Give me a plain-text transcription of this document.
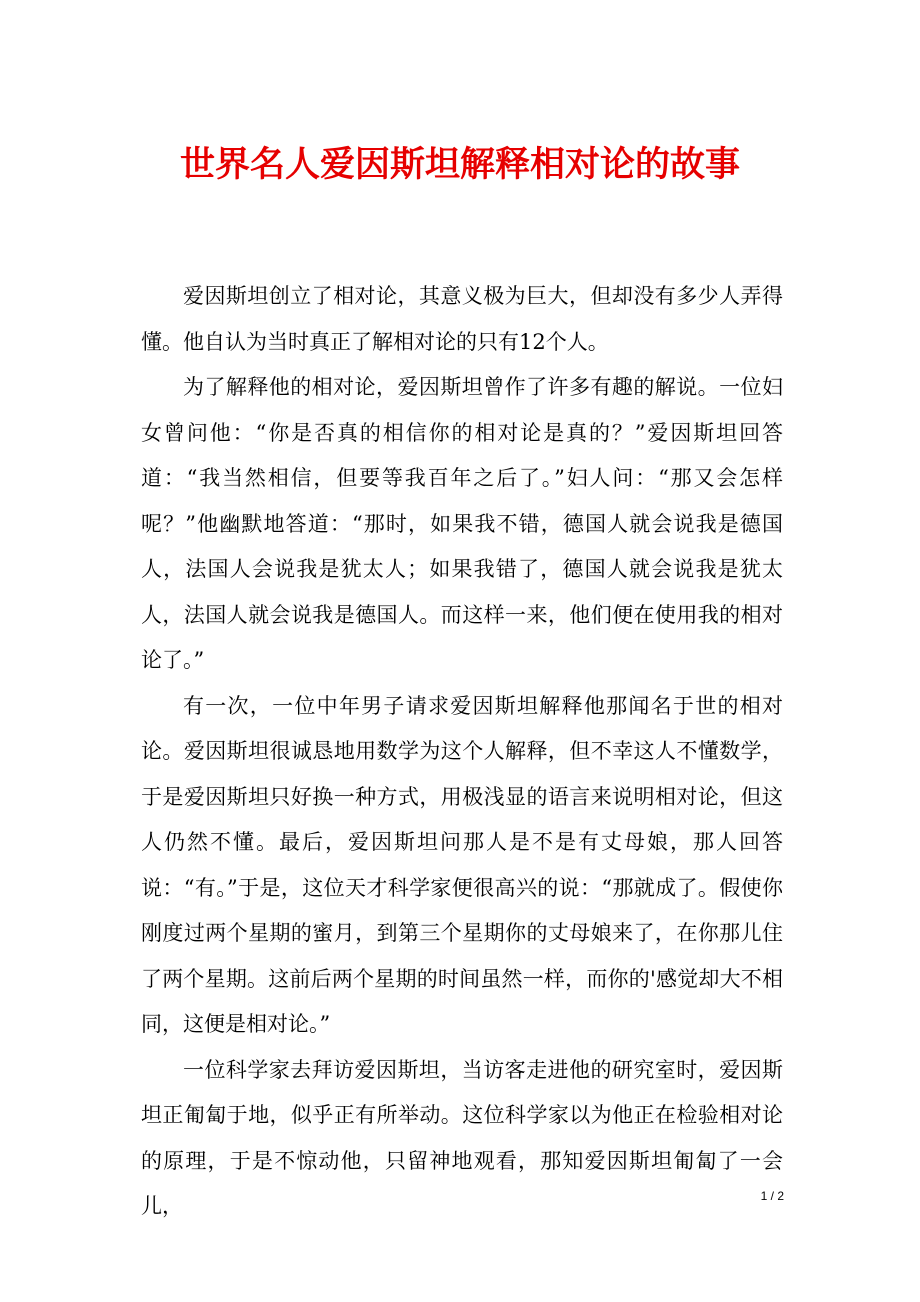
世界名人爱因斯坦解释相对论的故事

爱因斯坦创立了相对论，其意义极为巨大，但却没有多少人弄得懂。他自认为当时真正了解相对论的只有12个人。

为了解释他的相对论，爱因斯坦曾作了许多有趣的解说。一位妇女曾问他：“你是否真的相信你的相对论是真的？”爱因斯坦回答道：“我当然相信，但要等我百年之后了。”妇人问：“那又会怎样呢？”他幽默地答道：“那时，如果我不错，德国人就会说我是德国人，法国人会说我是犹太人；如果我错了，德国人就会说我是犹太人，法国人就会说我是德国人。而这样一来，他们便在使用我的相对论了。”

有一次，一位中年男子请求爱因斯坦解释他那闻名于世的相对论。爱因斯坦很诚恳地用数学为这个人解释，但不幸这人不懂数学，于是爱因斯坦只好换一种方式，用极浅显的语言来说明相对论，但这人仍然不懂。最后，爱因斯坦问那人是不是有丈母娘，那人回答说：“有。”于是，这位天才科学家便很高兴的说：“那就成了。假使你刚度过两个星期的蜜月，到第三个星期你的丈母娘来了，在你那儿住了两个星期。这前后两个星期的时间虽然一样，而你的'感觉却大不相同，这便是相对论。”

一位科学家去拜访爱因斯坦，当访客走进他的研究室时，爱因斯坦正匍匐于地，似乎正有所举动。这位科学家以为他正在检验相对论的原理，于是不惊动他，只留神地观看，那知爱因斯坦匍匐了一会儿，	1 / 2
